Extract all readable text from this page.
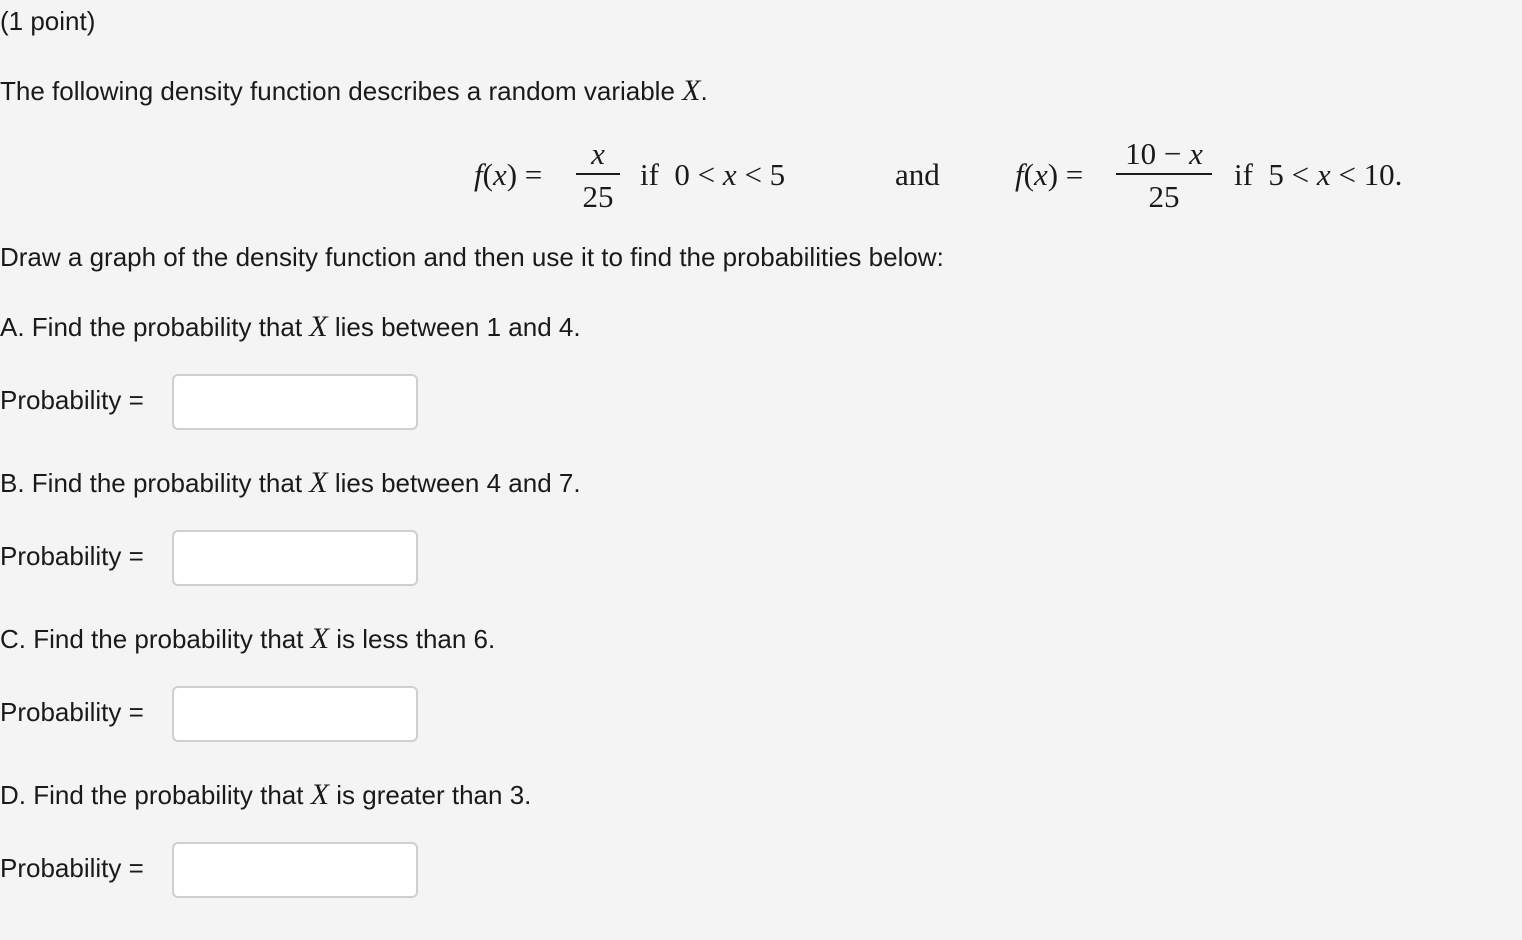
(1 point)
The following density function describes a random variable X.
f(x) =
x
25
if  0 < x < 5	and f(x) =
10 − x
25
if  5 < x < 10.
Draw a graph of the density function and then use it to find the probabilities below:
A. Find the probability that X lies between 1 and 4.
Probability =
B. Find the probability that X lies between 4 and 7.
Probability =
C. Find the probability that X is less than 6.
Probability =
D. Find the probability that X is greater than 3.
Probability =
